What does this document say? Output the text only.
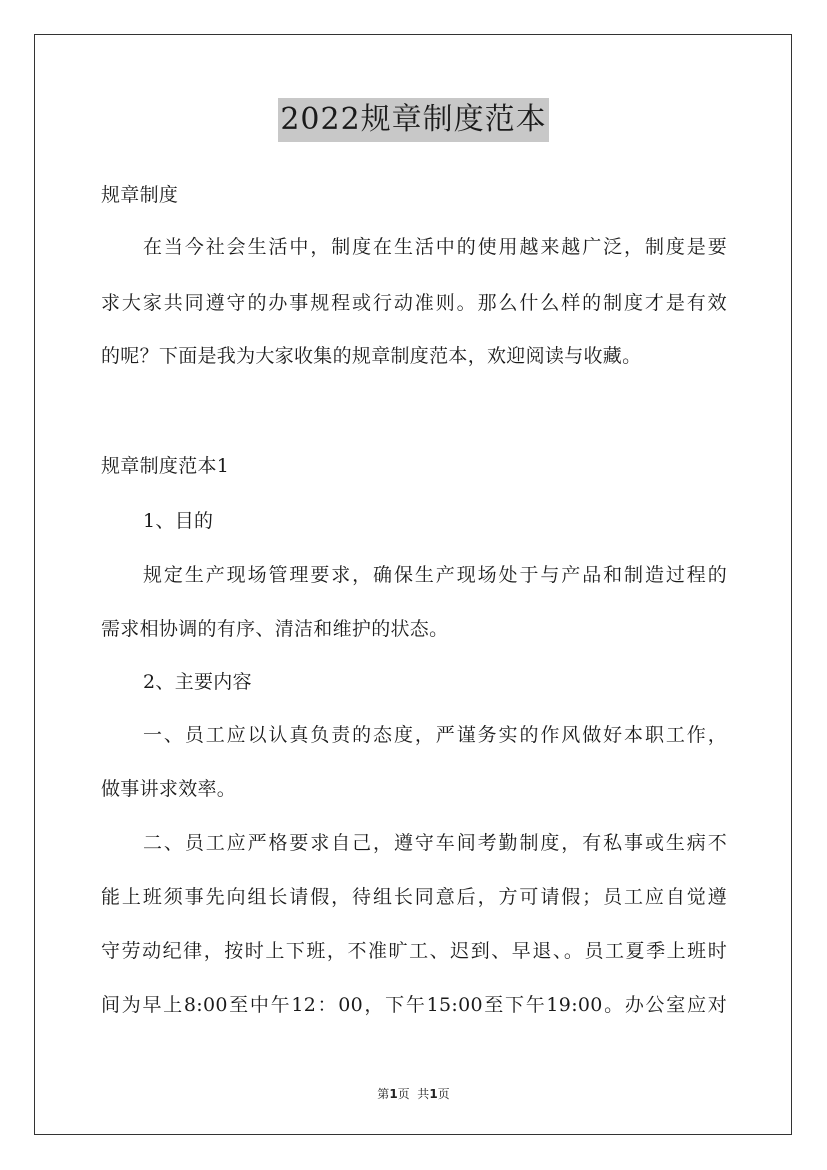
2022规章制度范本
规章制度
在当今社会生活中，制度在生活中的使用越来越广泛，制度是要
求大家共同遵守的办事规程或行动准则。那么什么样的制度才是有效
的呢？下面是我为大家收集的规章制度范本，欢迎阅读与收藏。
规章制度范本1
1、目的
规定生产现场管理要求，确保生产现场处于与产品和制造过程的
需求相协调的有序、清洁和维护的状态。
2、主要内容
一、员工应以认真负责的态度，严谨务实的作风做好本职工作，
做事讲求效率。
二、员工应严格要求自己，遵守车间考勤制度，有私事或生病不
能上班须事先向组长请假，待组长同意后，方可请假；员工应自觉遵
守劳动纪律，按时上下班，不准旷工、迟到、早退、。员工夏季上班时
间为早上8:00至中午12：00，下午15:00至下午19:00。办公室应对
第1页  共1页
